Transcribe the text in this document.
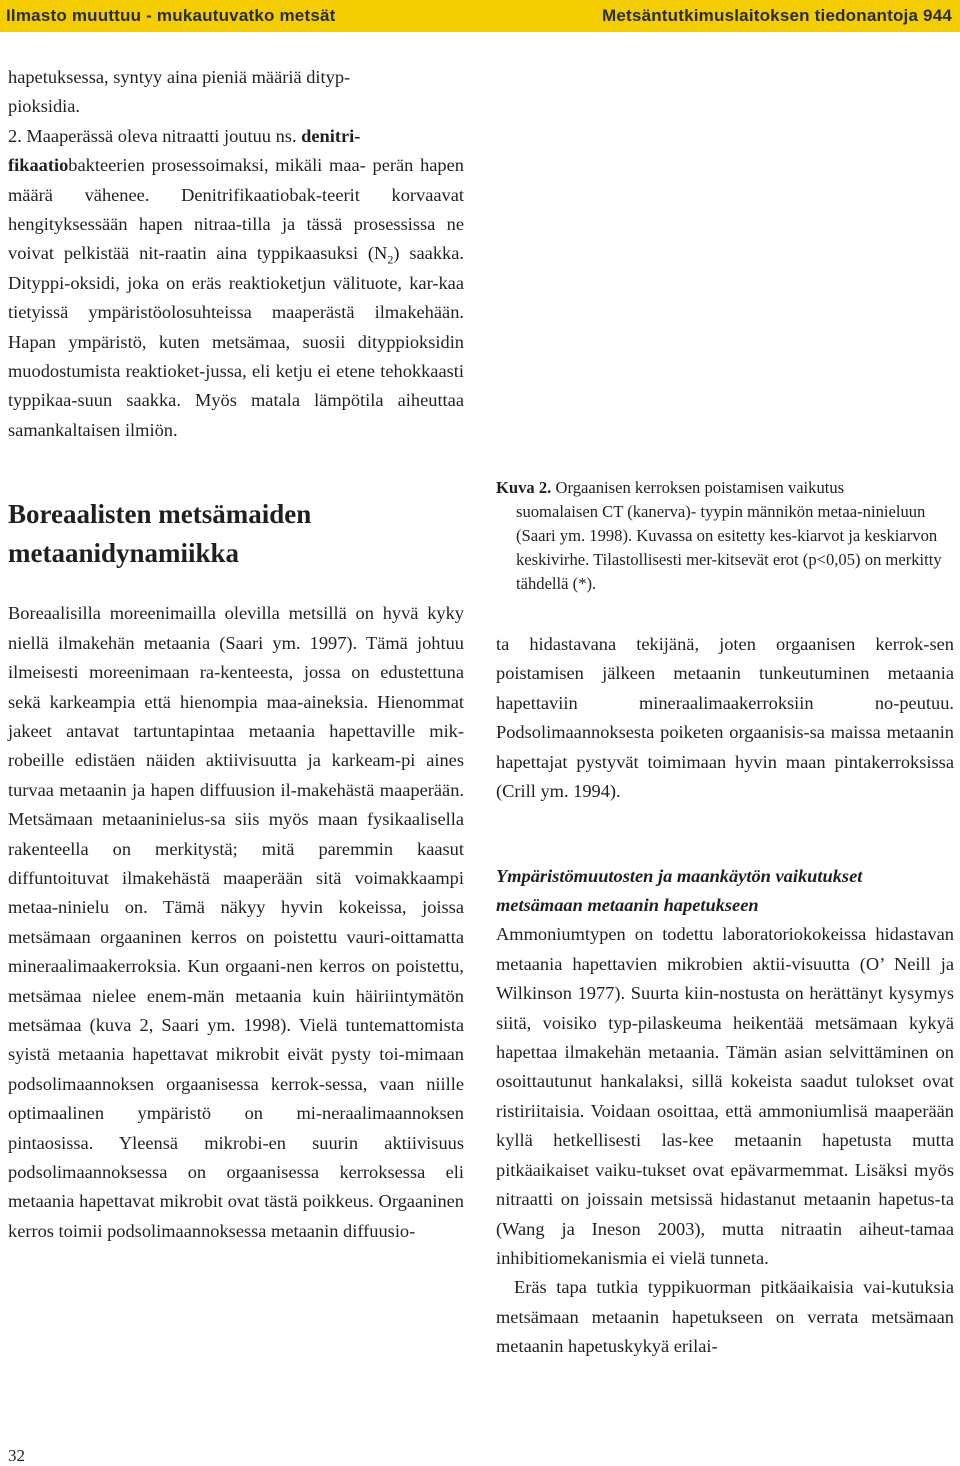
Ilmasto muuttuu - mukautuvatko metsät	Metsäntutkimuslaitoksen tiedonantoja 944

hapetuksessa, syntyy aina pieniä määriä dityp-
pioksidia.
2. Maaperässä oleva nitraatti joutuu ns. denitri-
fikaatiobakteerien prosessoimaksi, mikäli maa- perän hapen määrä vähenee. Denitrifikaatiobak-teerit korvaavat hengityksessään hapen nitraa-tilla ja tässä prosessissa ne voivat pelkistää nit-raatin aina typpikaasuksi $(N_2)$ saakka. Dityppi-oksidi, joka on eräs reaktioketjun välituote, kar-kaa tietyissä ympäristöolosuhteissa maaperästä ilmakehään. Hapan ympäristö, kuten metsämaa, suosii dityppioksidin muodostumista reaktioket-jussa, eli ketju ei etene tehokkaasti typpikaa-suun saakka. Myös matala lämpötila aiheuttaa samankaltaisen ilmiön.

Boreaalisten metsämaiden
metaanidynamiikka

Boreaalisilla moreenimailla olevilla metsillä on hyvä kyky niellä ilmakehän metaania (Saari ym. 1997). Tämä johtuu ilmeisesti moreenimaan ra-kenteesta, jossa on edustettuna sekä karkeampia että hienompia maa-aineksia. Hienommat jakeet antavat tartuntapintaa metaania hapettaville mik-robeille edistäen näiden aktiivisuutta ja karkeam-pi aines turvaa metaanin ja hapen diffuusion il-makehästä maaperään. Metsämaan metaaninielus-sa siis myös maan fysikaalisella rakenteella on merkitystä; mitä paremmin kaasut diffuntoituvat ilmakehästä maaperään sitä voimakkaampi metaa-ninielu on. Tämä näkyy hyvin kokeissa, joissa metsämaan orgaaninen kerros on poistettu vauri-oittamatta mineraalimaakerroksia. Kun orgaani-nen kerros on poistettu, metsämaa nielee enem-män metaania kuin häiriintymätön metsämaa (kuva 2, Saari ym. 1998). Vielä tuntemattomista syistä metaania hapettavat mikrobit eivät pysty toi-mimaan podsolimaannoksen orgaanisessa kerrok-sessa, vaan niille optimaalinen ympäristö on mi-neraalimaannoksen pintaosissa. Yleensä mikrobi-en suurin aktiivisuus podsolimaannoksessa on orgaanisessa kerroksessa eli metaania hapettavat mikrobit ovat tästä poikkeus. Orgaaninen kerros toimii podsolimaannoksessa metaanin diffuusio-

Kuva 2. Orgaanisen kerroksen poistamisen vaikutus
suomalaisen CT (kanerva)- tyypin männikön metaa-ninieluun (Saari ym. 1998). Kuvassa on esitetty kes-kiarvot ja keskiarvon keskivirhe. Tilastollisesti mer-kitsevät erot (p<0,05) on merkitty tähdellä (*).

ta hidastavana tekijänä, joten orgaanisen kerrok-sen poistamisen jälkeen metaanin tunkeutuminen metaania hapettaviin mineraalimaakerroksiin no-peutuu. Podsolimaannoksesta poiketen orgaanisis-sa maissa metaanin hapettajat pystyvät toimimaan hyvin maan pintakerroksissa (Crill ym. 1994).

Ympäristömuutosten ja maankäytön vaikutukset
metsämaan metaanin hapetukseen

Ammoniumtypen on todettu laboratoriokokeissa hidastavan metaania hapettavien mikrobien aktii-visuutta (O’ Neill ja Wilkinson 1977). Suurta kiin-nostusta on herättänyt kysymys siitä, voisiko typ-pilaskeuma heikentää metsämaan kykyä hapettaa ilmakehän metaania. Tämän asian selvittäminen on osoittautunut hankalaksi, sillä kokeista saadut tulokset ovat ristiriitaisia. Voidaan osoittaa, että ammoniumlisä maaperään kyllä hetkellisesti las-kee metaanin hapetusta mutta pitkäaikaiset vaiku-tukset ovat epävarmemmat. Lisäksi myös nitraatti on joissain metsissä hidastanut metaanin hapetus-ta (Wang ja Ineson 2003), mutta nitraatin aiheut-tamaa inhibitiomekanismia ei vielä tunneta.

Eräs tapa tutkia typpikuorman pitkäaikaisia vai-kutuksia metsämaan metaanin hapetukseen on verrata metsämaan metaanin hapetuskykyä erilai-

32
